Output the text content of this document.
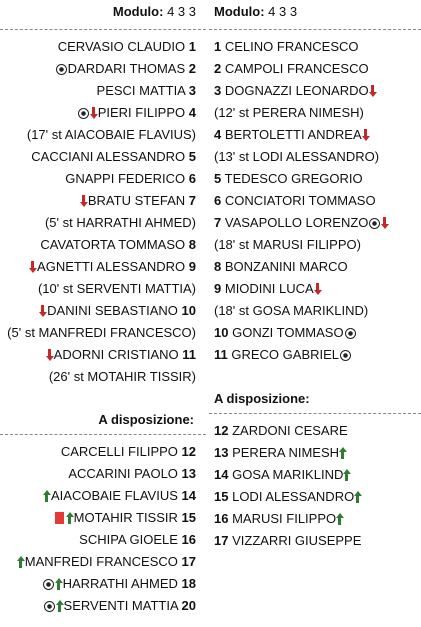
Modulo: 4 3 3
CERVASIO CLAUDIO 1
DARDARI THOMAS 2
PESCI MATTIA 3
PIERI FILIPPO 4
(17' st AIACOBAIE FLAVIUS)
CACCIANI ALESSANDRO 5
GNAPPI FEDERICO 6
BRATU STEFAN 7
(5' st HARRATHI AHMED)
CAVATORTA TOMMASO 8
AGNETTI ALESSANDRO 9
(10' st SERVENTI MATTIA)
DANINI SEBASTIANO 10
(5' st MANFREDI FRANCESCO)
ADORNI CRISTIANO 11
(26' st MOTAHIR TISSIR)
A disposizione:
CARCELLI FILIPPO 12
ACCARINI PAOLO 13
AIACOBAIE FLAVIUS 14
MOTAHIR TISSIR 15
SCHIPA GIOELE 16
MANFREDI FRANCESCO 17
HARRATHI AHMED 18
SERVENTI MATTIA 20
Modulo: 4 3 3
1 CELINO FRANCESCO
2 CAMPOLI FRANCESCO
3 DOGNAZZI LEONARDO
(12' st PERERA NIMESH)
4 BERTOLETTI ANDREA
(13' st LODI ALESSANDRO)
5 TEDESCO GREGORIO
6 CONCIATORI TOMMASO
7 VASAPOLLO LORENZO
(18' st MARUSI FILIPPO)
8 BONZANINI MARCO
9 MIODINI LUCA
(18' st GOSA MARIKLIND)
10 GONZI TOMMASO
11 GRECO GABRIEL
A disposizione:
12 ZARDONI CESARE
13 PERERA NIMESH
14 GOSA MARIKLIND
15 LODI ALESSANDRO
16 MARUSI FILIPPO
17 VIZZARRI GIUSEPPE
